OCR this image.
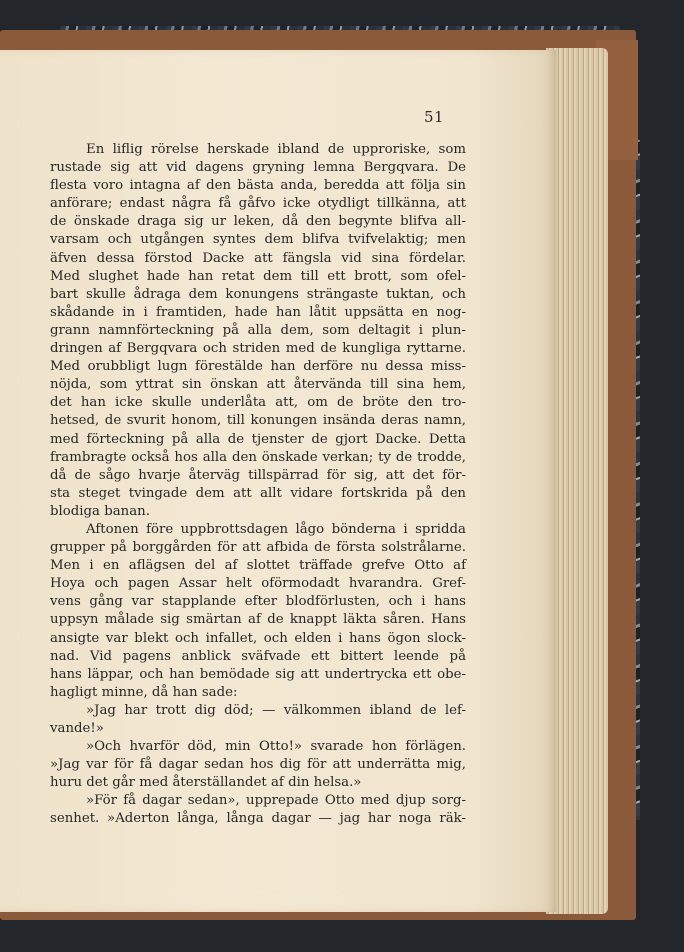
51
En liflig rörelse herskade ibland de upproriske, som
rustade sig att vid dagens gryning lemna Bergqvara. De
flesta voro intagna af den bästa anda, beredda att följa sin
anförare; endast några få gåfvo icke otydligt tillkänna, att
de önskade draga sig ur leken, då den begynte blifva all-
varsam och utgången syntes dem blifva tvifvelaktig; men
äfven dessa förstod Dacke att fängsla vid sina fördelar.
Med slughet hade han retat dem till ett brott, som ofel-
bart skulle ådraga dem konungens strängaste tuktan, och
skådande in i framtiden, hade han låtit uppsätta en nog-
grann namnförteckning på alla dem, som deltagit i plun-
dringen af Bergqvara och striden med de kungliga ryttarne.
Med orubbligt lugn förestälde han derföre nu dessa miss-
nöjda, som yttrat sin önskan att återvända till sina hem,
det han icke skulle underlåta att, om de bröte den tro-
hetsed, de svurit honom, till konungen insända deras namn,
med förteckning på alla de tjenster de gjort Dacke. Detta
frambragte också hos alla den önskade verkan; ty de trodde,
då de sågo hvarje återväg tillspärrad för sig, att det för-
sta steget tvingade dem att allt vidare fortskrida på den
blodiga banan.
Aftonen före uppbrottsdagen lågo bönderna i spridda
grupper på borggården för att afbida de första solstrålarne.
Men i en aflägsen del af slottet träffade grefve Otto af
Hoya och pagen Assar helt oförmodadt hvarandra. Gref-
vens gång var stapplande efter blodförlusten, och i hans
uppsyn målade sig smärtan af de knappt läkta såren. Hans
ansigte var blekt och infallet, och elden i hans ögon slock-
nad. Vid pagens anblick sväfvade ett bittert leende på
hans läppar, och han bemödade sig att undertrycka ett obe-
hagligt minne, då han sade:
»Jag har trott dig död; — välkommen ibland de lef-
vande!»
»Och hvarför död, min Otto!» svarade hon förlägen.
»Jag var för få dagar sedan hos dig för att underrätta mig,
huru det går med återställandet af din helsa.»
»För få dagar sedan», upprepade Otto med djup sorg-
senhet. »Aderton långa, långa dagar — jag har noga räk-
